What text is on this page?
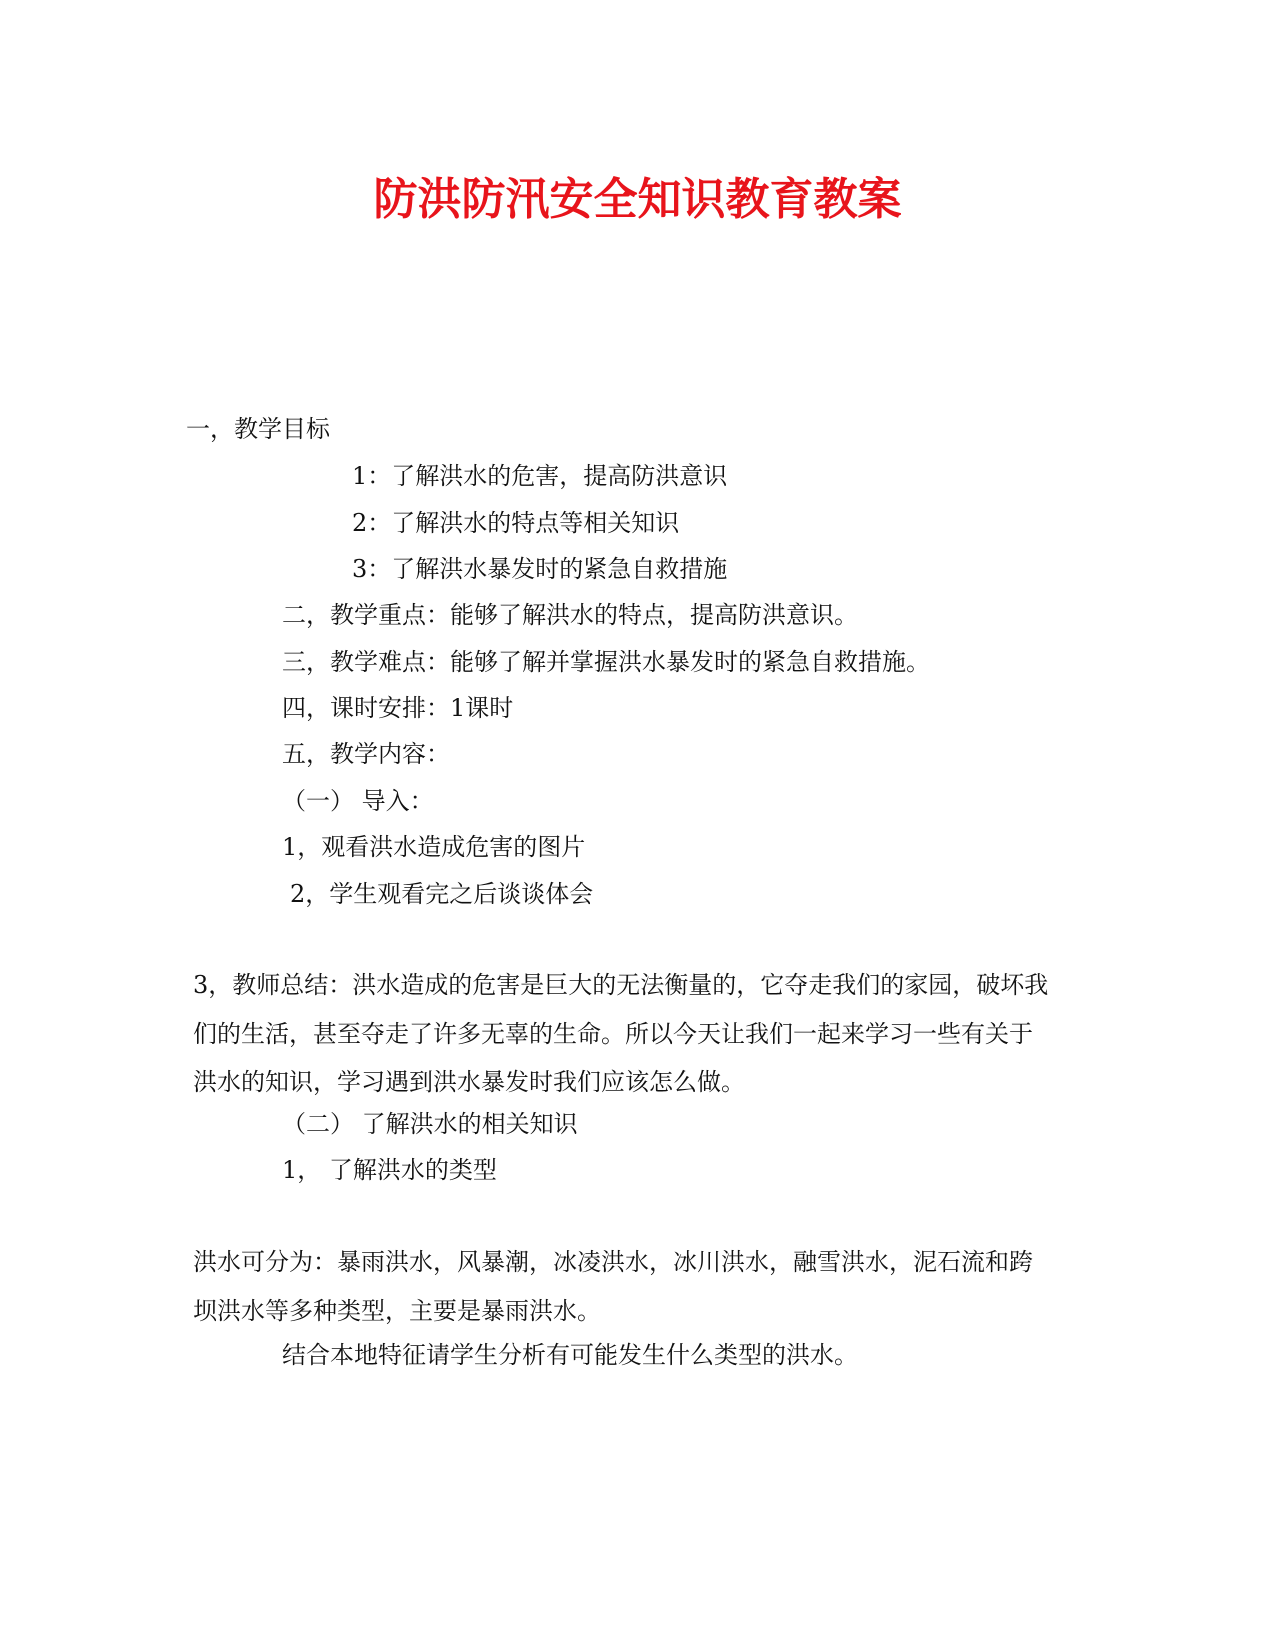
防洪防汛安全知识教育教案
一，教学目标
1：了解洪水的危害，提高防洪意识
2：了解洪水的特点等相关知识
3：了解洪水暴发时的紧急自救措施
二，教学重点：能够了解洪水的特点，提高防洪意识。
三，教学难点：能够了解并掌握洪水暴发时的紧急自救措施。
四，课时安排：1课时
五，教学内容：
（一） 导入：
1，观看洪水造成危害的图片
2，学生观看完之后谈谈体会
3，教师总结：洪水造成的危害是巨大的无法衡量的，它夺走我们的家园，破坏我
们的生活，甚至夺走了许多无辜的生命。所以今天让我们一起来学习一些有关于
洪水的知识，学习遇到洪水暴发时我们应该怎么做。
（二） 了解洪水的相关知识
1， 了解洪水的类型
洪水可分为：暴雨洪水，风暴潮，冰凌洪水，冰川洪水，融雪洪水，泥石流和跨
坝洪水等多种类型，主要是暴雨洪水。
结合本地特征请学生分析有可能发生什么类型的洪水。
